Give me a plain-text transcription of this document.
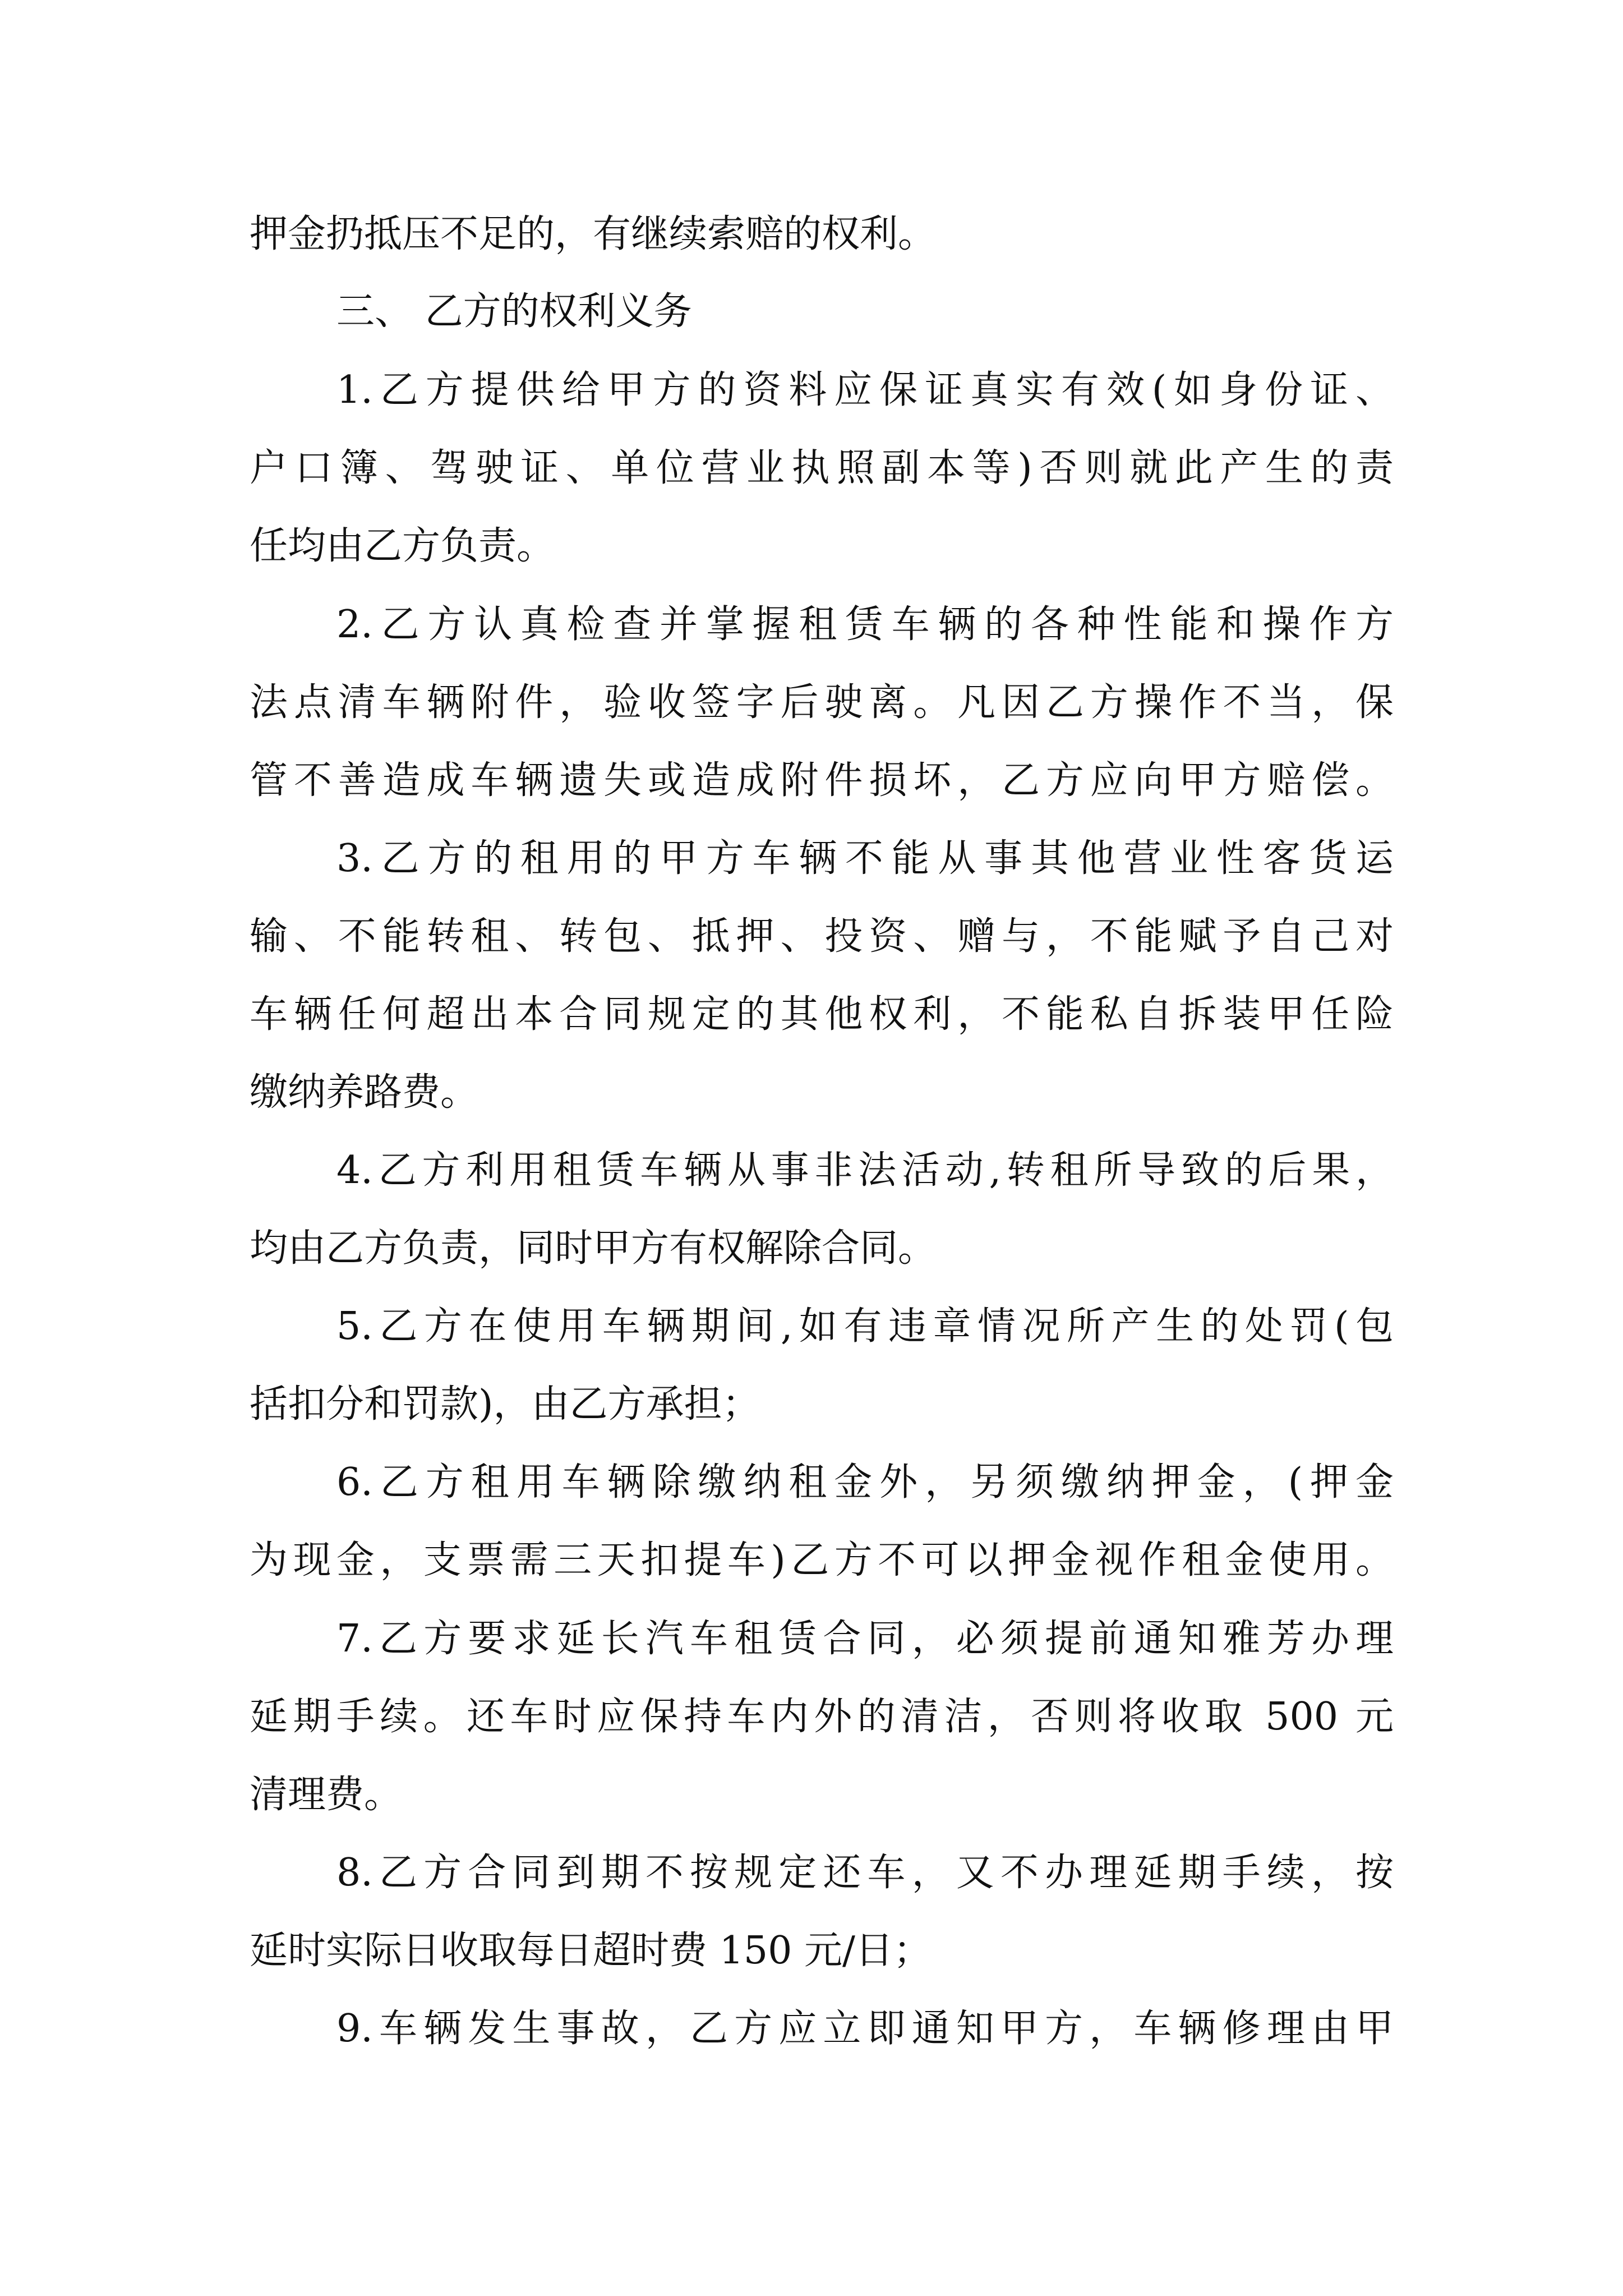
押金扔抵压不足的，有继续索赔的权利。
三、 乙方的权利义务
1.乙方提供给甲方的资料应保证真实有效(如身份证、
户口簿、驾驶证、单位营业执照副本等)否则就此产生的责
任均由乙方负责。
2.乙方认真检查并掌握租赁车辆的各种性能和操作方
法点清车辆附件，验收签字后驶离。凡因乙方操作不当，保
管不善造成车辆遗失或造成附件损坏，乙方应向甲方赔偿。
3.乙方的租用的甲方车辆不能从事其他营业性客货运
输、不能转租、转包、抵押、投资、赠与，不能赋予自己对
车辆任何超出本合同规定的其他权利，不能私自拆装甲任险
缴纳养路费。
4.乙方利用租赁车辆从事非法活动,转租所导致的后果，
均由乙方负责，同时甲方有权解除合同。
5.乙方在使用车辆期间,如有违章情况所产生的处罚(包
括扣分和罚款)，由乙方承担；
6.乙方租用车辆除缴纳租金外，另须缴纳押金，(押金
为现金，支票需三天扣提车)乙方不可以押金视作租金使用。
7.乙方要求延长汽车租赁合同，必须提前通知雅芳办理
延期手续。还车时应保持车内外的清洁，否则将收取 500 元
清理费。
8.乙方合同到期不按规定还车，又不办理延期手续，按
延时实际日收取每日超时费 150 元/日；
9.车辆发生事故，乙方应立即通知甲方，车辆修理由甲
